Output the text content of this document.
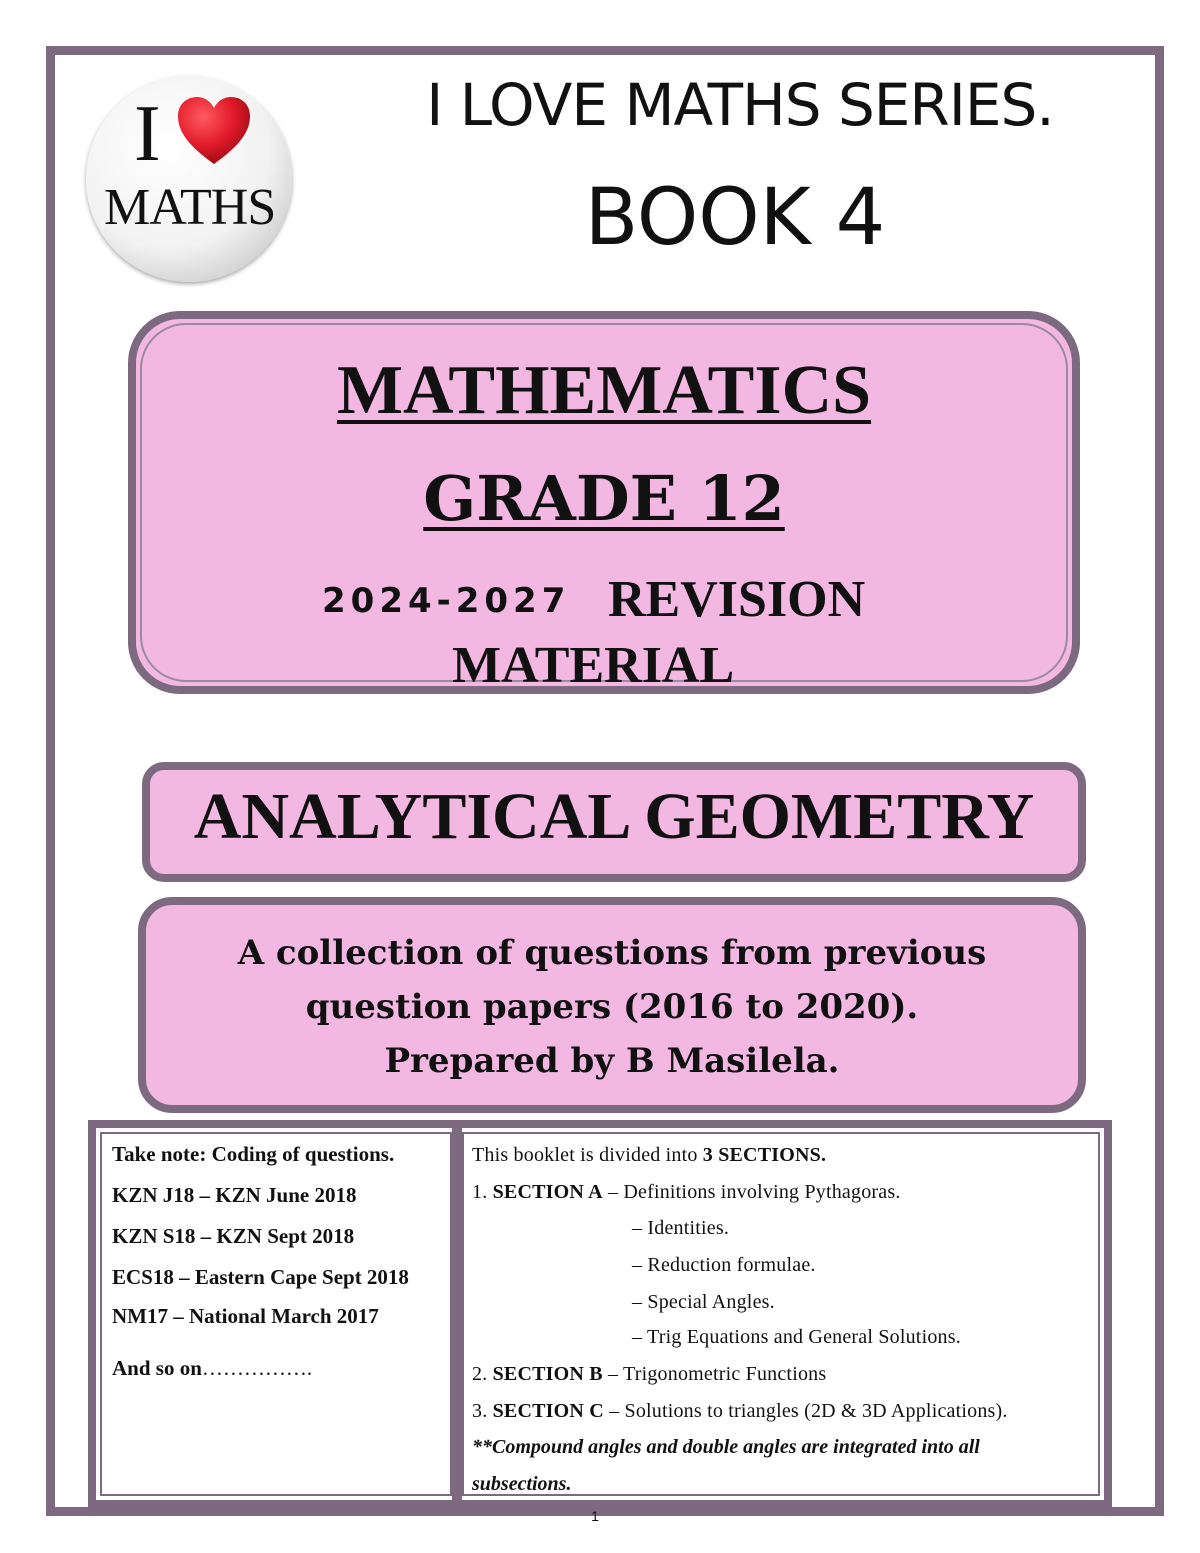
I
MATHS
I LOVE MATHS SERIES.
BOOK 4
MATHEMATICS
GRADE 12
2024-2027 REVISION
MATERIAL
ANALYTICAL GEOMETRY
A collection of questions from previous
question papers (2016 to 2020).
Prepared by B Masilela.
Take note: Coding of questions.
KZN J18 – KZN June 2018
KZN S18 – KZN Sept 2018
ECS18 – Eastern Cape Sept 2018
NM17 – National March 2017
And so on…………….
This booklet is divided into 3 SECTIONS.
1. SECTION A – Definitions involving Pythagoras.
– Identities.
– Reduction formulae.
– Special Angles.
– Trig Equations and General Solutions.
2. SECTION B – Trigonometric Functions
3. SECTION C – Solutions to triangles (2D & 3D Applications).
**Compound angles and double angles are integrated into all
subsections.
1
